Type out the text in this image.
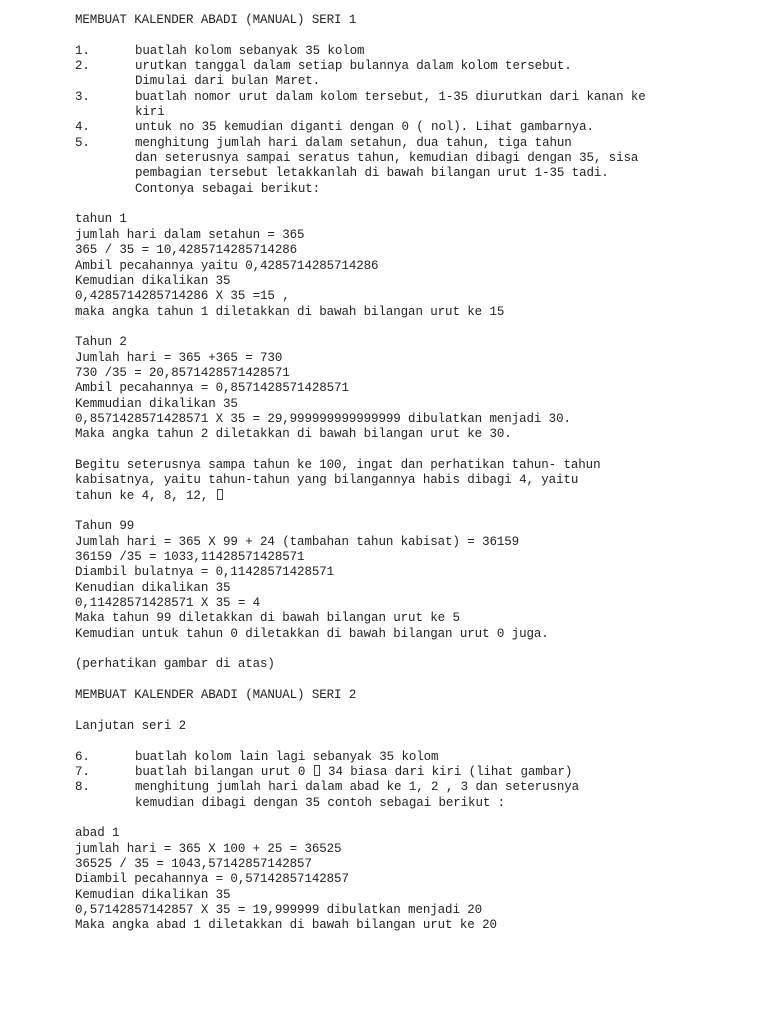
MEMBUAT KALENDER ABADI (MANUAL) SERI 1
1.	buatlah kolom sebanyak 35 kolom
2.	urutkan tanggal dalam setiap bulannya dalam kolom tersebut.
Dimulai dari bulan Maret.
3.	buatlah nomor urut dalam kolom tersebut, 1-35 diurutkan dari kanan ke
kiri
4.	untuk no 35 kemudian diganti dengan 0 ( nol). Lihat gambarnya.
5.	menghitung jumlah hari dalam setahun, dua tahun, tiga tahun
dan seterusnya sampai seratus tahun, kemudian dibagi dengan 35, sisa
pembagian tersebut letakkanlah di bawah bilangan urut 1-35 tadi.
Contonya sebagai berikut:
tahun 1
jumlah hari dalam setahun = 365
365 / 35 = 10,4285714285714286
Ambil pecahannya yaitu 0,4285714285714286
Kemudian dikalikan 35
0,4285714285714286 X 35 =15 ,
maka angka tahun 1 diletakkan di bawah bilangan urut ke 15
Tahun 2
Jumlah hari = 365 +365 = 730
730 /35 = 20,8571428571428571
Ambil pecahannya = 0,8571428571428571
Kemmudian dikalikan 35
0,8571428571428571 X 35 = 29,999999999999999 dibulatkan menjadi 30.
Maka angka tahun 2 diletakkan di bawah bilangan urut ke 30.
Begitu seterusnya sampa tahun ke 100, ingat dan perhatikan tahun- tahun
kabisatnya, yaitu tahun-tahun yang bilangannya habis dibagi 4, yaitu
tahun ke 4, 8, 12,
Tahun 99
Jumlah hari = 365 X 99 + 24 (tambahan tahun kabisat) = 36159
36159 /35 = 1033,11428571428571
Diambil bulatnya = 0,11428571428571
Kenudian dikalikan 35
0,11428571428571 X 35 = 4
Maka tahun 99 diletakkan di bawah bilangan urut ke 5
Kemudian untuk tahun 0 diletakkan di bawah bilangan urut 0 juga.
(perhatikan gambar di atas)
MEMBUAT KALENDER ABADI (MANUAL) SERI 2
Lanjutan seri 2
6.	buatlah kolom lain lagi sebanyak 35 kolom
7.	buatlah bilangan urut 0  34 biasa dari kiri (lihat gambar)
8.	menghitung jumlah hari dalam abad ke 1, 2 , 3 dan seterusnya
kemudian dibagi dengan 35 contoh sebagai berikut :
abad 1
jumlah hari = 365 X 100 + 25 = 36525
36525 / 35 = 1043,57142857142857
Diambil pecahannya = 0,57142857142857
Kemudian dikalikan 35
0,57142857142857 X 35 = 19,999999 dibulatkan menjadi 20
Maka angka abad 1 diletakkan di bawah bilangan urut ke 20
